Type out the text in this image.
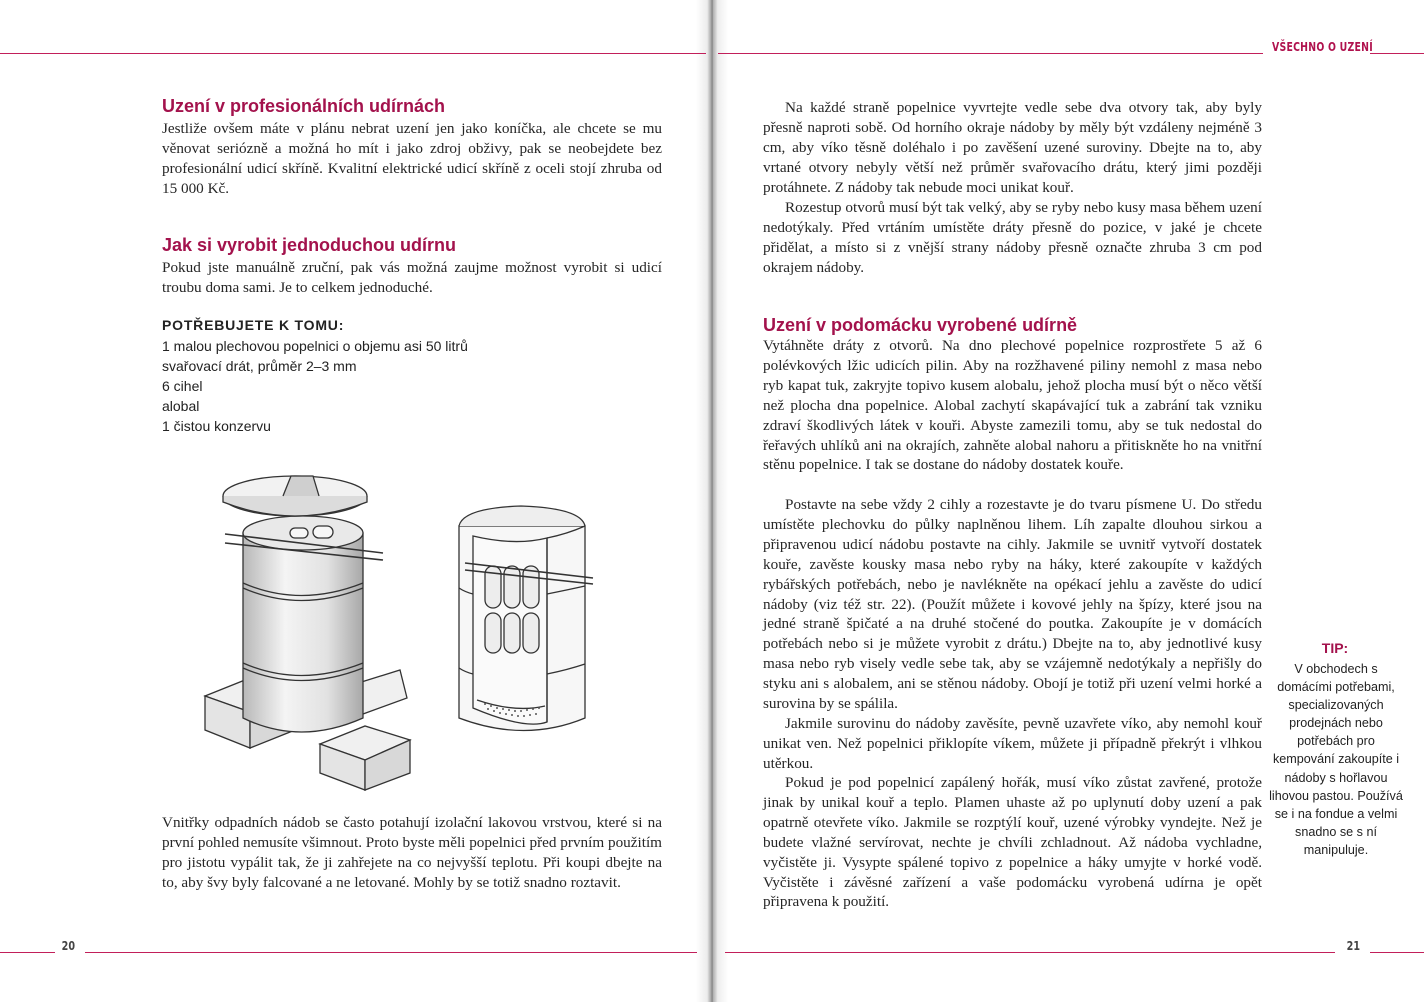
VŠECHNO O UZENÍ
Uzení v profesionálních udírnách

Jestliže ovšem máte v plánu nebrat uzení jen jako koníčka, ale chcete se mu věnovat seriózně a možná ho mít i jako zdroj obživy, pak se neobejdete bez profesionální udicí skříně. Kvalitní elektrické udicí skříně z oceli stojí zhruba od 15 000 Kč.

Jak si vyrobit jednoduchou udírnu

Pokud jste manuálně zruční, pak vás možná zaujme možnost vyrobit si udicí troubu doma sami. Je to celkem jednoduché.

POTŘEBUJETE K TOMU:

1 malou plechovou popelnici o objemu asi 50 litrů
svařovací drát, průměr 2–3 mm
6 cihel
alobal
1 čistou konzervu

Vnitřky odpadních nádob se často potahují izolační lakovou vrstvou, které si na první pohled nemusíte všimnout. Proto byste měli popelnici před prvním použitím pro jistotu vypálit tak, že ji zahřejete na co nejvyšší teplotu. Při koupi dbejte na to, aby švy byly falcované a ne letované. Mohly by se totiž snadno roztavit.

20

Na každé straně popelnice vyvrtejte vedle sebe dva otvory tak, aby byly přesně naproti sobě. Od horního okraje nádoby by měly být vzdáleny nejméně 3 cm, aby víko těsně doléhalo i po zavěšení uzené suroviny. Dbejte na to, aby vrtané otvory nebyly větší než průměr svařovacího drátu, který jimi později protáhnete. Z nádoby tak nebude moci unikat kouř.

Rozestup otvorů musí být tak velký, aby se ryby nebo kusy masa během uzení nedotýkaly. Před vrtáním umístěte dráty přesně do pozice, v jaké je chcete přidělat, a místo si z vnější strany nádoby přesně označte zhruba 3 cm pod okrajem nádoby.

Uzení v podomácku vyrobené udírně

Vytáhněte dráty z otvorů. Na dno plechové popelnice rozprostřete 5 až 6 polévkových lžic udicích pilin. Aby na rozžhavené piliny nemohl z masa nebo ryb kapat tuk, zakryjte topivo kusem alobalu, jehož plocha musí být o něco větší než plocha dna popelnice. Alobal zachytí skapávající tuk a zabrání tak vzniku zdraví škodlivých látek v kouři. Abyste zamezili tomu, aby se tuk nedostal do řeřavých uhlíků ani na okrajích, zahněte alobal nahoru a přitiskněte ho na vnitřní stěnu popelnice. I tak se dostane do nádoby dostatek kouře.

Postavte na sebe vždy 2 cihly a rozestavte je do tvaru písmene U. Do středu umístěte plechovku do půlky naplněnou lihem. Líh zapalte dlouhou sirkou a připravenou udicí nádobu postavte na cihly. Jakmile se uvnitř vytvoří dostatek kouře, zavěste kousky masa nebo ryby na háky, které zakoupíte v každých rybářských potřebách, nebo je navlékněte na opékací jehlu a zavěste do udicí nádoby (viz též str. 22). (Použít můžete i kovové jehly na špízy, které jsou na jedné straně špičaté a na druhé stočené do poutka. Zakoupíte je v domácích potřebách nebo si je můžete vyrobit z drátu.) Dbejte na to, aby jednotlivé kusy masa nebo ryb visely vedle sebe tak, aby se vzájemně nedotýkaly a nepřišly do styku ani s alobalem, ani se stěnou nádoby. Obojí je totiž při uzení velmi horké a surovina by se spálila.

Jakmile surovinu do nádoby zavěsíte, pevně uzavřete víko, aby nemohl kouř unikat ven. Než popelnici přiklopíte víkem, můžete ji případně překrýt i vlhkou utěrkou.

Pokud je pod popelnicí zapálený hořák, musí víko zůstat zavřené, protože jinak by unikal kouř a teplo. Plamen uhaste až po uplynutí doby uzení a pak opatrně otevřete víko. Jakmile se rozptýlí kouř, uzené výrobky vyndejte. Než je budete vlažné servírovat, nechte je chvíli zchladnout. Až nádoba vychladne, vyčistěte ji. Vysypte spálené topivo z popelnice a háky umyjte v horké vodě. Vyčistěte i závěsné zařízení a vaše podomácku vyrobená udírna je opět připravena k použití.

TIP:

V obchodech s domácími potřebami, specializovaných prodejnách nebo potřebách pro kempování zakoupíte i nádoby s hořlavou lihovou pastou. Používá se i na fondue a velmi snadno se s ní manipuluje.

21
